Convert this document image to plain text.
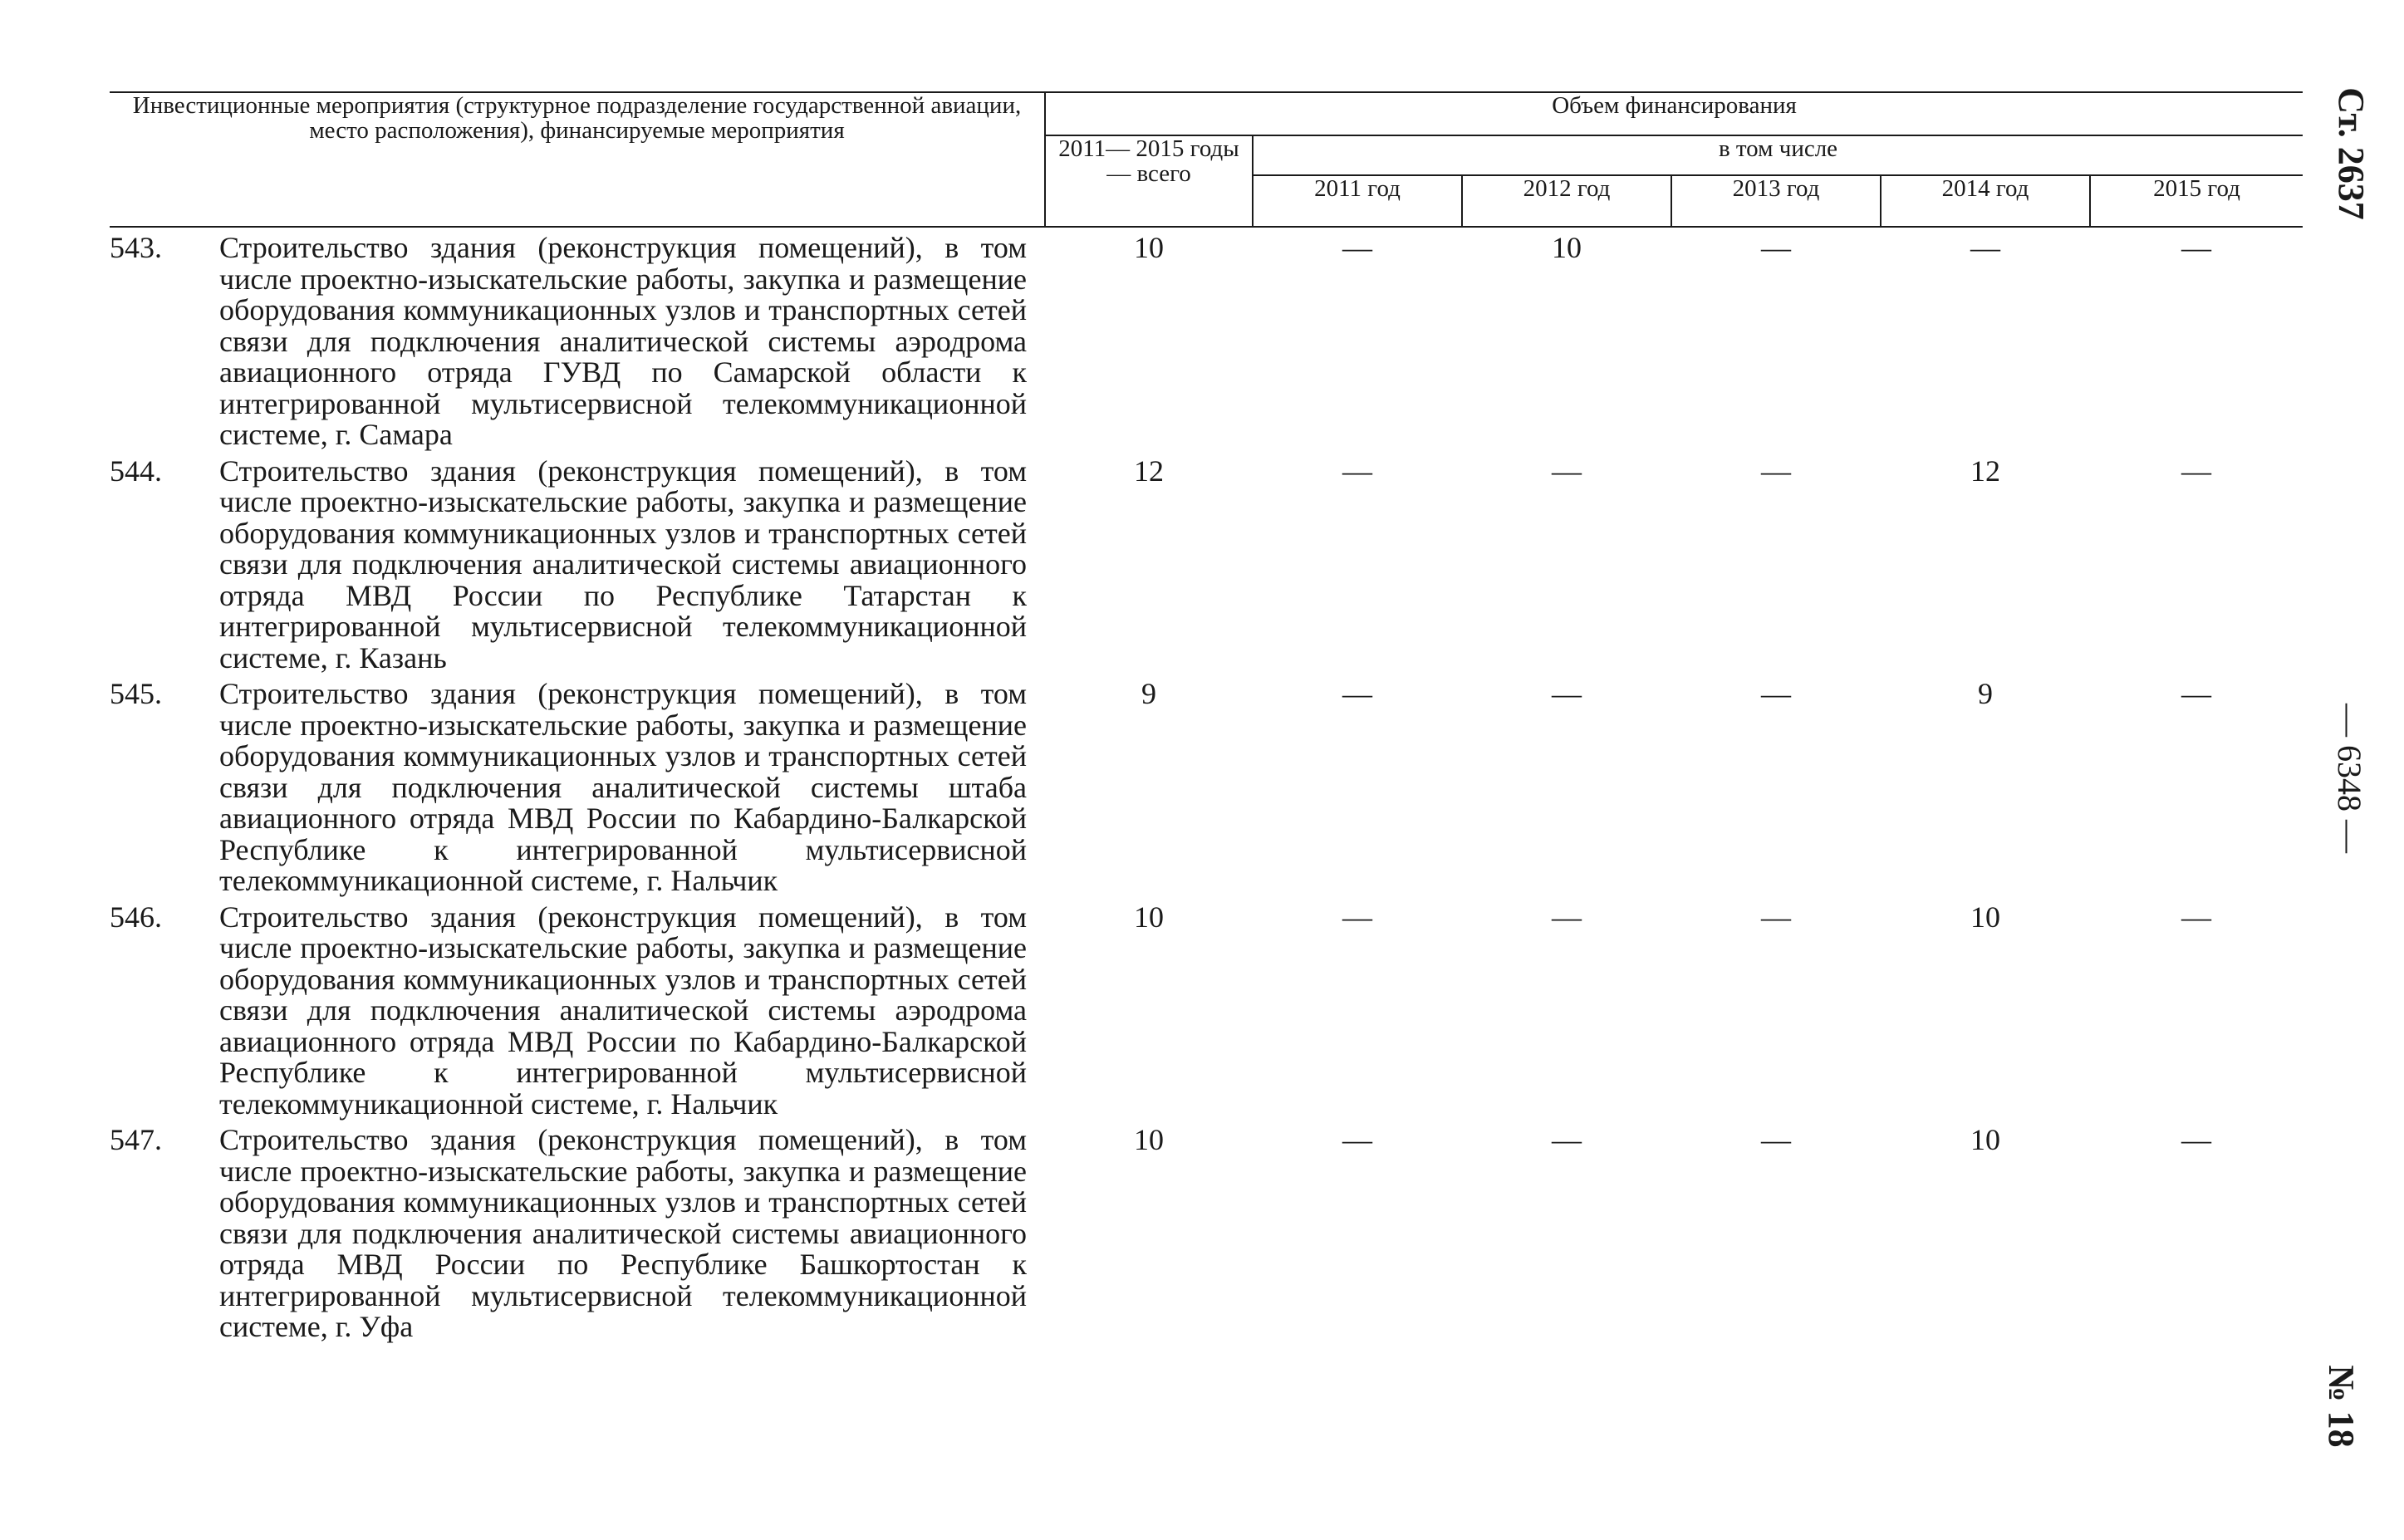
Инвестиционные мероприятия (структурное подразделение государственной авиации, место расположения), финансируемые мероприятия	Объем финансирования					
	2011— 2015 годы — всего	в том числе				
		2011 год	2012 год	2013 год	2014 год	2015 год

543. Строительство здания (реконструкция помещений), в том числе проектно-изыскательские работы, закупка и размещение оборудования коммуникационных узлов и транспортных сетей связи для подключения аналитической системы аэродрома авиационного отряда ГУВД по Самарской области к интегрированной мультисервисной телекоммуникационной системе, г. Самара	10	—	10	—	—	—

544. Строительство здания (реконструкция помещений), в том числе проектно-изыскательские работы, закупка и размещение оборудования коммуникационных узлов и транспортных сетей связи для подключения аналитической системы авиационного отряда МВД России по Республике Татарстан к интегрированной мультисервисной телекоммуникационной системе, г. Казань	12	—	—	—	12	—

545. Строительство здания (реконструкция помещений), в том числе проектно-изыскательские работы, закупка и размещение оборудования коммуникационных узлов и транспортных сетей связи для подключения аналитической системы штаба авиационного отряда МВД России по Кабардино-Балкарской Республике к интегрированной мультисервисной телекоммуникационной системе, г. Нальчик	9	—	—	—	9	—

546. Строительство здания (реконструкция помещений), в том числе проектно-изыскательские работы, закупка и размещение оборудования коммуникационных узлов и транспортных сетей связи для подключения аналитической системы аэродрома авиационного отряда МВД России по Кабардино-Балкарской Республике к интегрированной мультисервисной телекоммуникационной системе, г. Нальчик	10	—	—	—	10	—

547. Строительство здания (реконструкция помещений), в том числе проектно-изыскательские работы, закупка и размещение оборудования коммуникационных узлов и транспортных сетей связи для подключения аналитической системы авиационного отряда МВД России по Республике Башкортостан к интегрированной мультисервисной телекоммуникационной системе, г. Уфа	10	—	—	—	10	—
Ст. 2637
— 6348 —
№ 18
